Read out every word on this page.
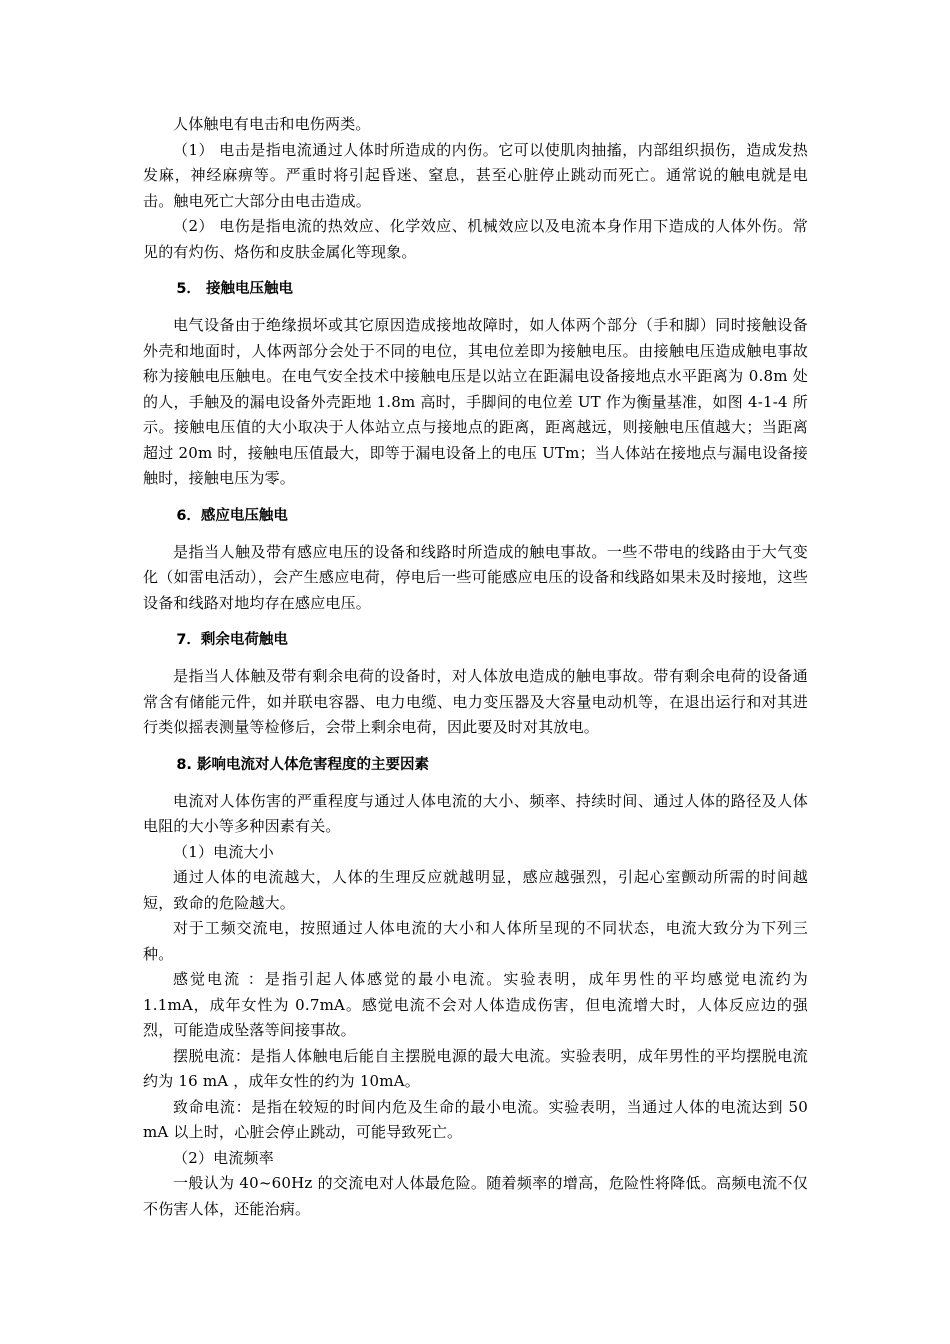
人体触电有电击和电伤两类。

（1） 电击是指电流通过人体时所造成的内伤。它可以使肌肉抽搐，内部组织损伤，造成发热发麻，神经麻痹等。严重时将引起昏迷、窒息，甚至心脏停止跳动而死亡。通常说的触电就是电击。触电死亡大部分由电击造成。

（2） 电伤是指电流的热效应、化学效应、机械效应以及电流本身作用下造成的人体外伤。常见的有灼伤、烙伤和皮肤金属化等现象。

5． 接触电压触电

电气设备由于绝缘损坏或其它原因造成接地故障时，如人体两个部分（手和脚）同时接触设备外壳和地面时，人体两部分会处于不同的电位，其电位差即为接触电压。由接触电压造成触电事故称为接触电压触电。在电气安全技术中接触电压是以站立在距漏电设备接地点水平距离为 0.8m 处的人，手触及的漏电设备外壳距地 1.8m 高时，手脚间的电位差 UT 作为衡量基准，如图 4-1-4 所示。接触电压值的大小取决于人体站立点与接地点的距离，距离越远，则接触电压值越大；当距离超过 20m 时，接触电压值最大，即等于漏电设备上的电压 UTm；当人体站在接地点与漏电设备接触时，接触电压为零。

6．感应电压触电

是指当人触及带有感应电压的设备和线路时所造成的触电事故。一些不带电的线路由于大气变化（如雷电活动），会产生感应电荷，停电后一些可能感应电压的设备和线路如果未及时接地，这些设备和线路对地均存在感应电压。

7．剩余电荷触电

是指当人体触及带有剩余电荷的设备时，对人体放电造成的触电事故。带有剩余电荷的设备通常含有储能元件，如并联电容器、电力电缆、电力变压器及大容量电动机等，在退出运行和对其进行类似摇表测量等检修后，会带上剩余电荷，因此要及时对其放电。

8. 影响电流对人体危害程度的主要因素

电流对人体伤害的严重程度与通过人体电流的大小、频率、持续时间、通过人体的路径及人体电阻的大小等多种因素有关。

（1）电流大小

通过人体的电流越大，人体的生理反应就越明显，感应越强烈，引起心室颤动所需的时间越短，致命的危险越大。

对于工频交流电，按照通过人体电流的大小和人体所呈现的不同状态，电流大致分为下列三种。

感觉电流 ：是指引起人体感觉的最小电流。实验表明，成年男性的平均感觉电流约为 1.1mA，成年女性为 0.7mA。感觉电流不会对人体造成伤害，但电流增大时，人体反应边的强烈，可能造成坠落等间接事故。

摆脱电流：是指人体触电后能自主摆脱电源的最大电流。实验表明，成年男性的平均摆脱电流约为 16 mA ，成年女性的约为 10mA。

致命电流：是指在较短的时间内危及生命的最小电流。实验表明，当通过人体的电流达到 50 mA 以上时，心脏会停止跳动，可能导致死亡。

（2）电流频率

一般认为 40~60Hz 的交流电对人体最危险。随着频率的增高，危险性将降低。高频电流不仅不伤害人体，还能治病。
